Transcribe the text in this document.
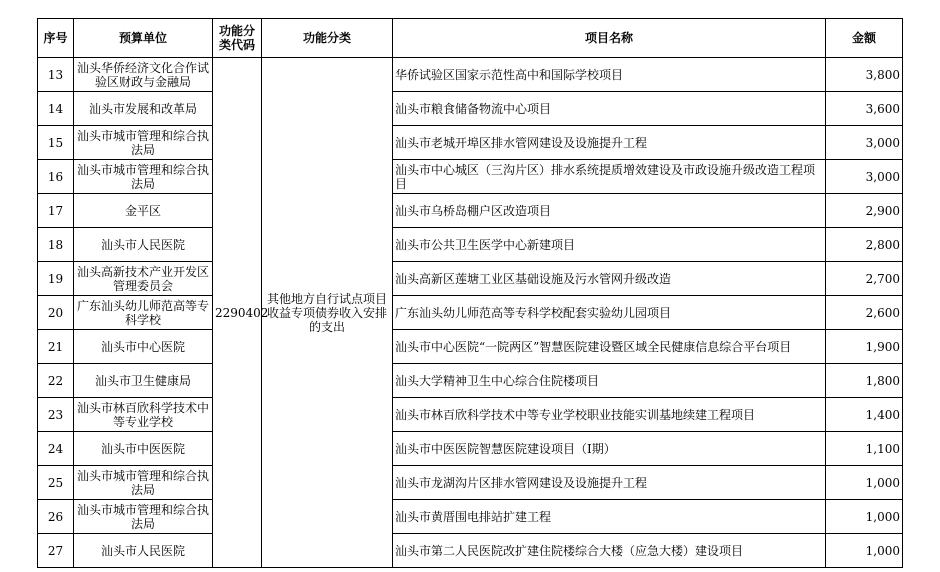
序号	预算单位	功能分类代码	功能分类	项目名称	金额
13	汕头华侨经济文化合作试验区财政与金融局	2290402	其他地方自行试点项目收益专项债券收入安排的支出	华侨试验区国家示范性高中和国际学校项目	3,800
14	汕头市发展和改革局			汕头市粮食储备物流中心项目	3,600
15	汕头市城市管理和综合执法局			汕头市老城开埠区排水管网建设及设施提升工程	3,000
16	汕头市城市管理和综合执法局			汕头市中心城区（三沟片区）排水系统提质增效建设及市政设施升级改造工程项目	3,000
17	金平区			汕头市乌桥岛棚户区改造项目	2,900
18	汕头市人民医院			汕头市公共卫生医学中心新建项目	2,800
19	汕头高新技术产业开发区管理委员会			汕头高新区莲塘工业区基础设施及污水管网升级改造	2,700
20	广东汕头幼儿师范高等专科学校			广东汕头幼儿师范高等专科学校配套实验幼儿园项目	2,600
21	汕头市中心医院			汕头市中心医院“一院两区”智慧医院建设暨区域全民健康信息综合平台项目	1,900
22	汕头市卫生健康局			汕头大学精神卫生中心综合住院楼项目	1,800
23	汕头市林百欣科学技术中等专业学校			汕头市林百欣科学技术中等专业学校职业技能实训基地续建工程项目	1,400
24	汕头市中医医院			汕头市中医医院智慧医院建设项目（I期）	1,100
25	汕头市城市管理和综合执法局			汕头市龙湖沟片区排水管网建设及设施提升工程	1,000
26	汕头市城市管理和综合执法局			汕头市黄厝围电排站扩建工程	1,000
27	汕头市人民医院			汕头市第二人民医院改扩建住院楼综合大楼（应急大楼）建设项目	1,000
